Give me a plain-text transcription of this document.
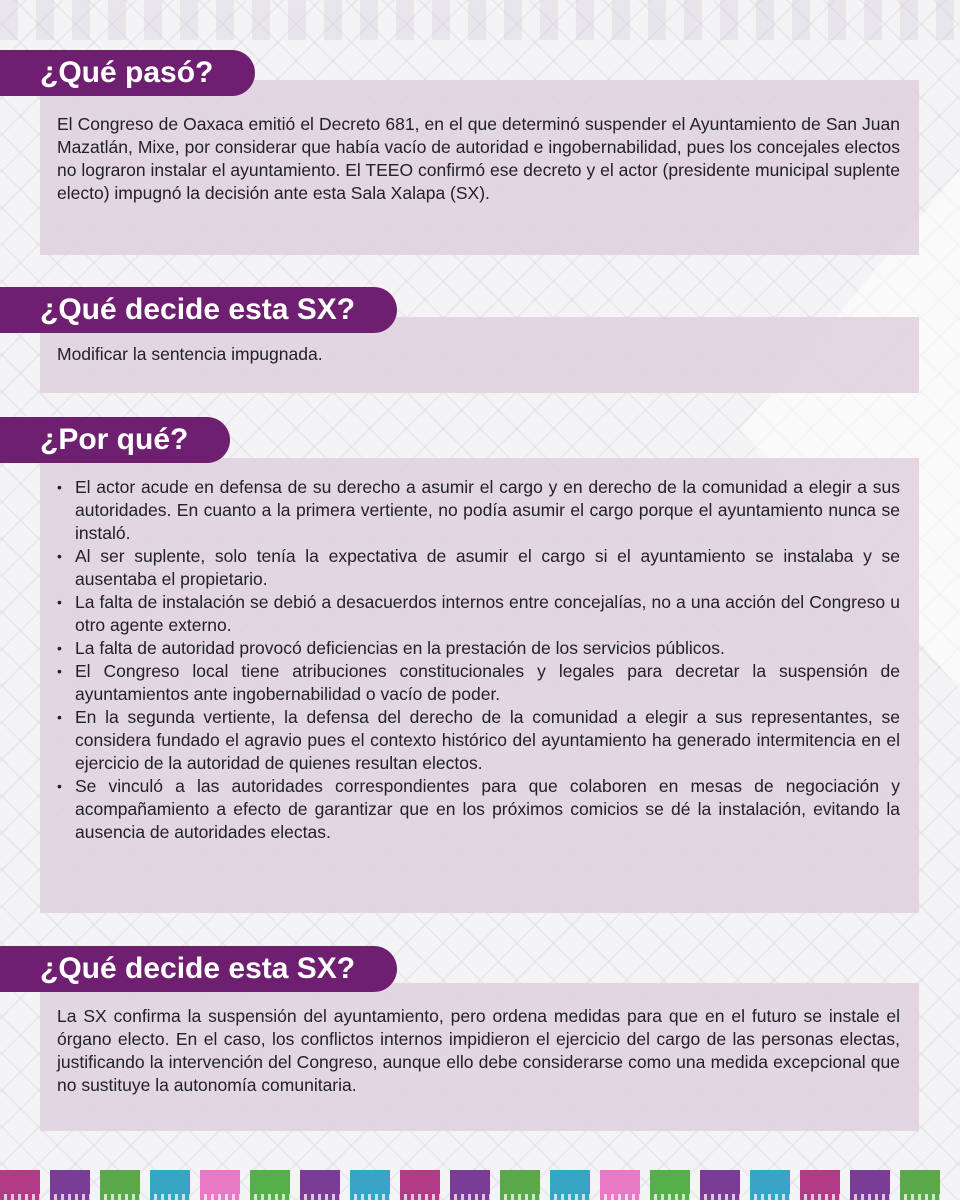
¿Qué pasó?

El Congreso de Oaxaca emitió el Decreto 681, en el que determinó suspender el Ayuntamiento de San Juan Mazatlán, Mixe, por considerar que había vacío de autoridad e ingobernabilidad, pues los concejales electos no lograron instalar el ayuntamiento. El TEEO confirmó ese decreto y el actor (presidente municipal suplente electo) impugnó la decisión ante esta Sala Xalapa (SX).

¿Qué decide esta SX?

Modificar la sentencia impugnada.

¿Por qué?
• El actor acude en defensa de su derecho a asumir el cargo y en derecho de la comunidad a elegir a sus autoridades. En cuanto a la primera vertiente, no podía asumir el cargo porque el ayuntamiento nunca se instaló.
• Al ser suplente, solo tenía la expectativa de asumir el cargo si el ayuntamiento se instalaba y se ausentaba el propietario.
• La falta de instalación se debió a desacuerdos internos entre concejalías, no a una acción del Congreso u otro agente externo.
• La falta de autoridad provocó deficiencias en la prestación de los servicios públicos.
• El Congreso local tiene atribuciones constitucionales y legales para decretar la suspensión de ayuntamientos ante ingobernabilidad o vacío de poder.
• En la segunda vertiente, la defensa del derecho de la comunidad a elegir a sus representantes, se considera fundado el agravio pues el contexto histórico del ayuntamiento ha generado intermitencia en el ejercicio de la autoridad de quienes resultan electos.
• Se vinculó a las autoridades correspondientes para que colaboren en mesas de negociación y acompañamiento a efecto de garantizar que en los próximos comicios se dé la instalación, evitando la ausencia de autoridades electas.
¿Qué decide esta SX?

La SX confirma la suspensión del ayuntamiento, pero ordena medidas para que en el futuro se instale el órgano electo. En el caso, los conflictos internos impidieron el ejercicio del cargo de las personas electas, justificando la intervención del Congreso, aunque ello debe considerarse como una medida excepcional que no sustituye la autonomía comunitaria.
